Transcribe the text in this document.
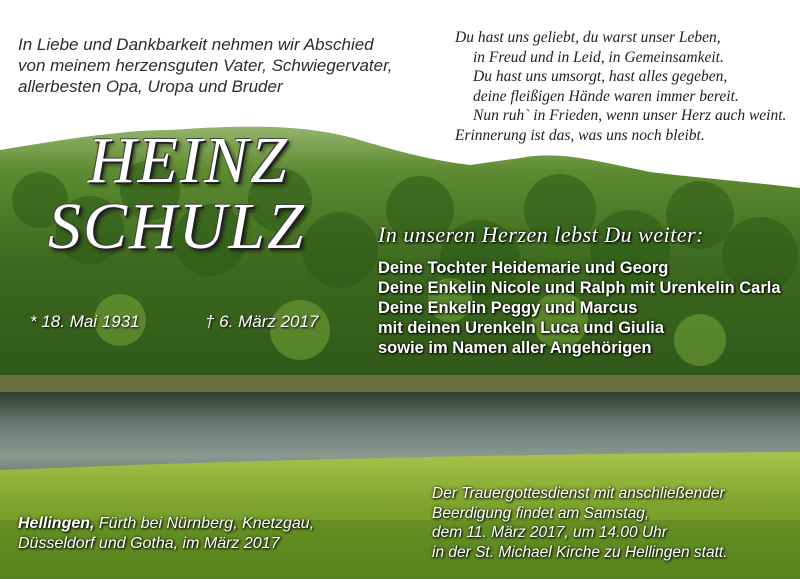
In Liebe und Dankbarkeit nehmen wir Abschied
von meinem herzensguten Vater, Schwiegervater,
allerbesten Opa, Uropa und Bruder
Du hast uns geliebt, du warst unser Leben,
in Freud und in Leid, in Gemeinsamkeit.
Du hast uns umsorgt, hast alles gegeben,
deine fleißigen Hände waren immer bereit.
Nun ruh` in Frieden, wenn unser Herz auch weint.
Erinnerung ist das, was uns noch bleibt.
HEINZ
SCHULZ
* 18. Mai 1931	† 6. März 2017
In unseren Herzen lebst Du weiter:
Deine Tochter Heidemarie und Georg
Deine Enkelin Nicole und Ralph mit Urenkelin Carla
Deine Enkelin Peggy und Marcus
mit deinen Urenkeln Luca und Giulia
sowie im Namen aller Angehörigen
Hellingen, Fürth bei Nürnberg, Knetzgau,
Düsseldorf und Gotha, im März 2017
Der Trauergottesdienst mit anschließender
Beerdigung findet am Samstag,
dem 11. März 2017, um 14.00 Uhr
in der St. Michael Kirche zu Hellingen statt.
